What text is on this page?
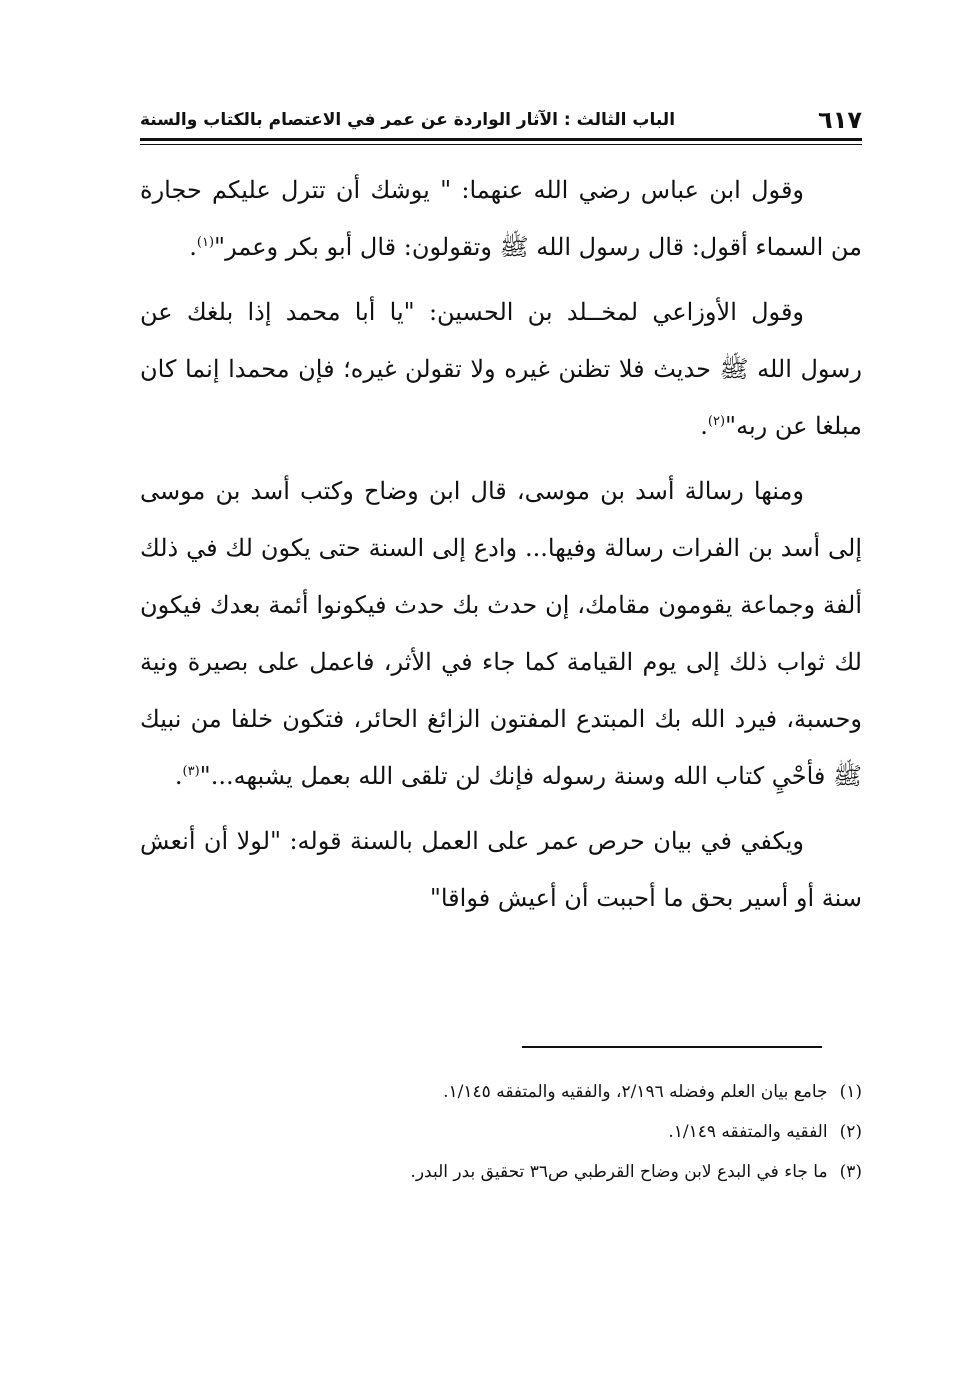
٦١٧
الباب الثالث : الآثار الواردة عن عمر في الاعتصام بالكتاب والسنة

وقول ابن عباس رضي الله عنهما: " يوشك أن تترل عليكم حجارة من السماء أقول: قال رسول الله ﷺ وتقولون: قال أبو بكر وعمر"$^{(١)}$.

وقول الأوزاعي لمخــلد بن الحسين: "يا أبا محمد إذا بلغك عن رسول الله ﷺ حديث فلا تظنن غيره ولا تقولن غيره؛ فإن محمدا إنما كان مبلغا عن ربه"$^{(٢)}$.

ومنها رسالة أسد بن موسى، قال ابن وضاح وكتب أسد بن موسى إلى أسد بن الفرات رسالة وفيها... وادع إلى السنة حتى يكون لك في ذلك ألفة وجماعة يقومون مقامك، إن حدث بك حدث فيكونوا أئمة بعدك فيكون لك ثواب ذلك إلى يوم القيامة كما جاء في الأثر، فاعمل على بصيرة ونية وحسبة، فيرد الله بك المبتدع المفتون الزائغ الحائر، فتكون خلفا من نبيك ﷺ فأحْيِ كتاب الله وسنة رسوله فإنك لن تلقى الله بعمل يشبهه..."$^{(٣)}$.

ويكفي في بيان حرص عمر على العمل بالسنة قوله: "لولا أن أنعش سنة أو أسير بحق ما أحببت أن أعيش فواقا"

(١)جامع بيان العلم وفضله ٢/١٩٦، والفقيه والمتفقه ١/١٤٥.

(٢)الفقيه والمتفقه ١/١٤٩.

(٣)ما جاء في البدع لابن وضاح القرطبي ص٣٦ تحقيق بدر البدر.
